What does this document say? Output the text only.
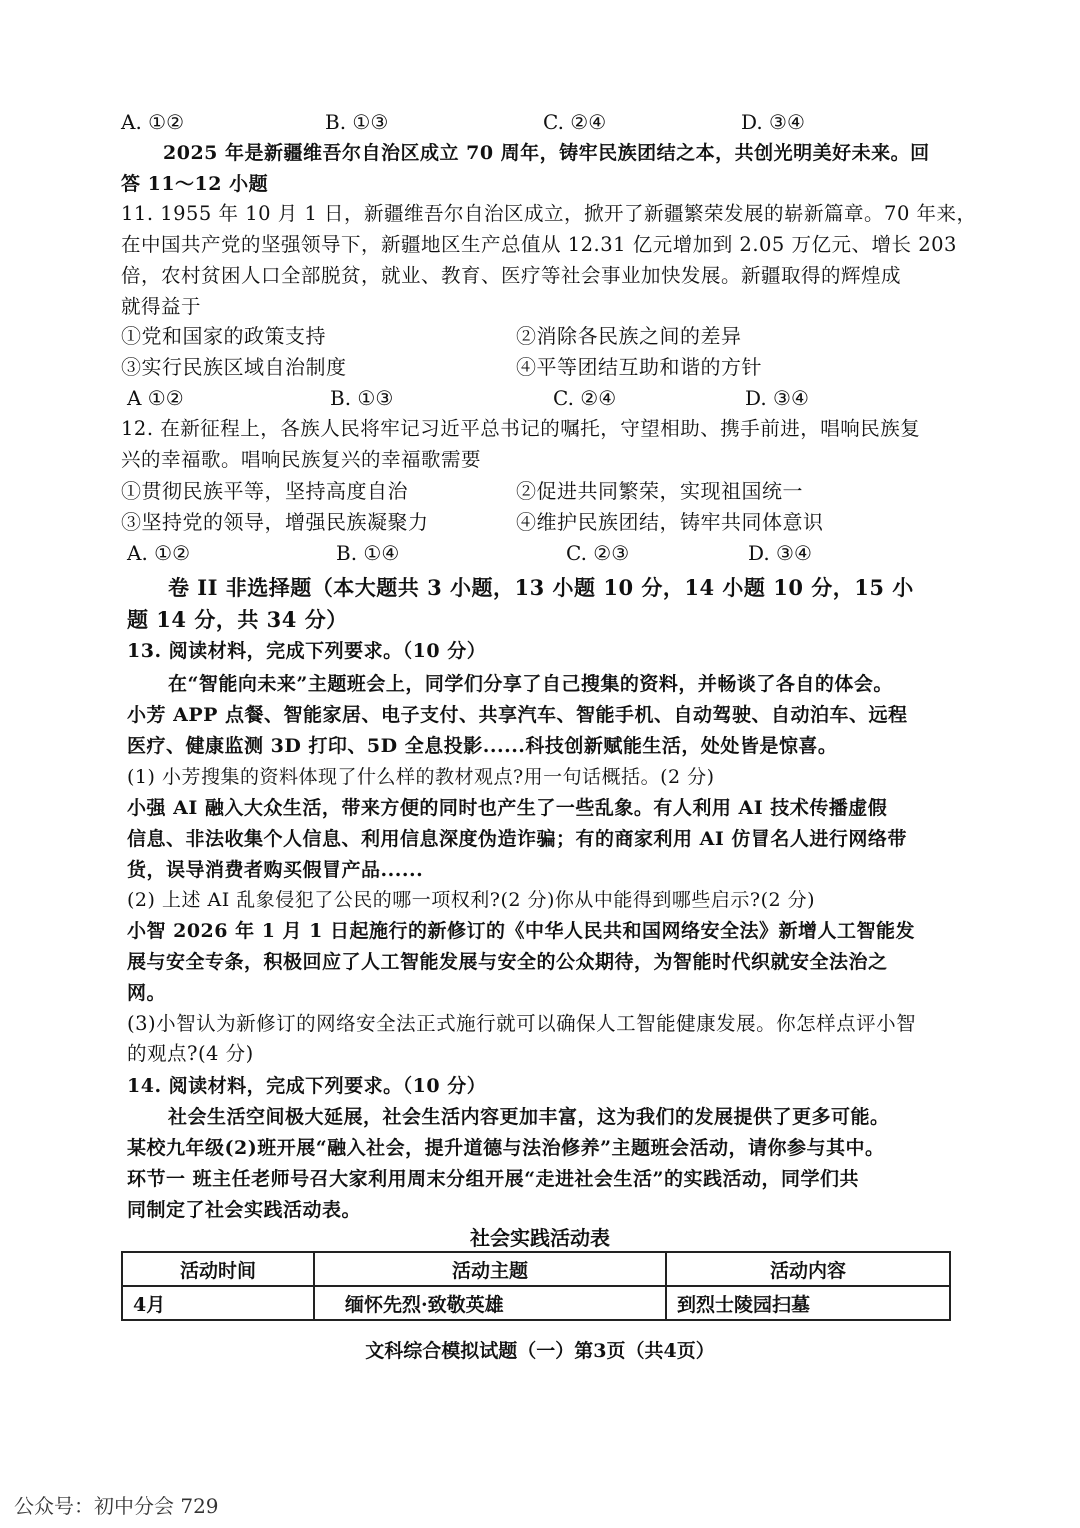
A. ①②	B. ①③	C. ②④	D. ③④
2025 年是新疆维吾尔自治区成立 70 周年，铸牢民族团结之本，共创光明美好未来。回
答 11～12 小题
11. 1955 年 10 月 1 日，新疆维吾尔自治区成立，掀开了新疆繁荣发展的崭新篇章。70 年来，
在中国共产党的坚强领导下，新疆地区生产总值从 12.31 亿元增加到 2.05 万亿元、增长 203
倍，农村贫困人口全部脱贫，就业、教育、医疗等社会事业加快发展。新疆取得的辉煌成
就得益于
①党和国家的政策支持	②消除各民族之间的差异
③实行民族区域自治制度	④平等团结互助和谐的方针
A ①②	B. ①③	C. ②④	D. ③④
12. 在新征程上，各族人民将牢记习近平总书记的嘱托，守望相助、携手前进，唱响民族复
兴的幸福歌。唱响民族复兴的幸福歌需要
①贯彻民族平等，坚持高度自治	②促进共同繁荣，实现祖国统一
③坚持党的领导，增强民族凝聚力	④维护民族团结，铸牢共同体意识
A. ①②	B. ①④	C. ②③	D. ③④
卷 II 非选择题（本大题共 3 小题，13 小题 10 分，14 小题 10 分，15 小
题 14 分，共 34 分）
13. 阅读材料，完成下列要求。（10 分）
在“智能向未来”主题班会上，同学们分享了自己搜集的资料，并畅谈了各自的体会。
小芳 APP 点餐、智能家居、电子支付、共享汽车、智能手机、自动驾驶、自动泊车、远程
医疗、健康监测 3D 打印、5D 全息投影......科技创新赋能生活，处处皆是惊喜。
(1) 小芳搜集的资料体现了什么样的教材观点?用一句话概括。(2 分)
小强 AI 融入大众生活，带来方便的同时也产生了一些乱象。有人利用 AI 技术传播虚假
信息、非法收集个人信息、利用信息深度伪造诈骗；有的商家利用 AI 仿冒名人进行网络带
货，误导消费者购买假冒产品......
(2) 上述 AI 乱象侵犯了公民的哪一项权利?(2 分)你从中能得到哪些启示?(2 分)
小智 2026 年 1 月 1 日起施行的新修订的《中华人民共和国网络安全法》新增人工智能发
展与安全专条，积极回应了人工智能发展与安全的公众期待，为智能时代织就安全法治之
网。
(3)小智认为新修订的网络安全法正式施行就可以确保人工智能健康发展。你怎样点评小智
的观点?(4 分)
14. 阅读材料，完成下列要求。（10 分）
社会生活空间极大延展，社会生活内容更加丰富，这为我们的发展提供了更多可能。
某校九年级(2)班开展“融入社会，提升道德与法治修养”主题班会活动，请你参与其中。
环节一 班主任老师号召大家利用周末分组开展“走进社会生活”的实践活动，同学们共
同制定了社会实践活动表。
社会实践活动表
活动时间	活动主题	活动内容
4月	缅怀先烈·致敬英雄	到烈士陵园扫墓
文科综合模拟试题（一）第3页（共4页）
公众号：初中分会 729
